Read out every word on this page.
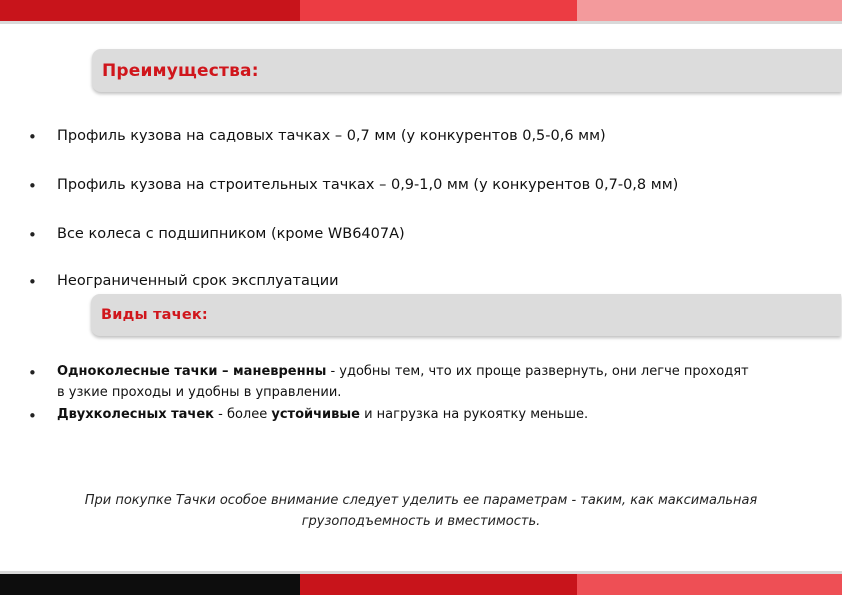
Преимущества:
• Профиль кузова на садовых тачках – 0,7 мм (у конкурентов 0,5-0,6 мм)
• Профиль кузова на строительных тачках – 0,9-1,0 мм (у конкурентов 0,7-0,8 мм)
• Все колеса с подшипником (кроме WB6407A)
• Неограниченный срок эксплуатации
Виды тачек:
• Одноколесные тачки – маневренны - удобны тем, что их проще развернуть, они легче проходят
в узкие проходы и удобны в управлении.
• Двухколесных тачек - более устойчивые и нагрузка на рукоятку меньше.
При покупке Тачки особое внимание следует уделить ее параметрам - таким, как максимальная
грузоподъемность и вместимость.
